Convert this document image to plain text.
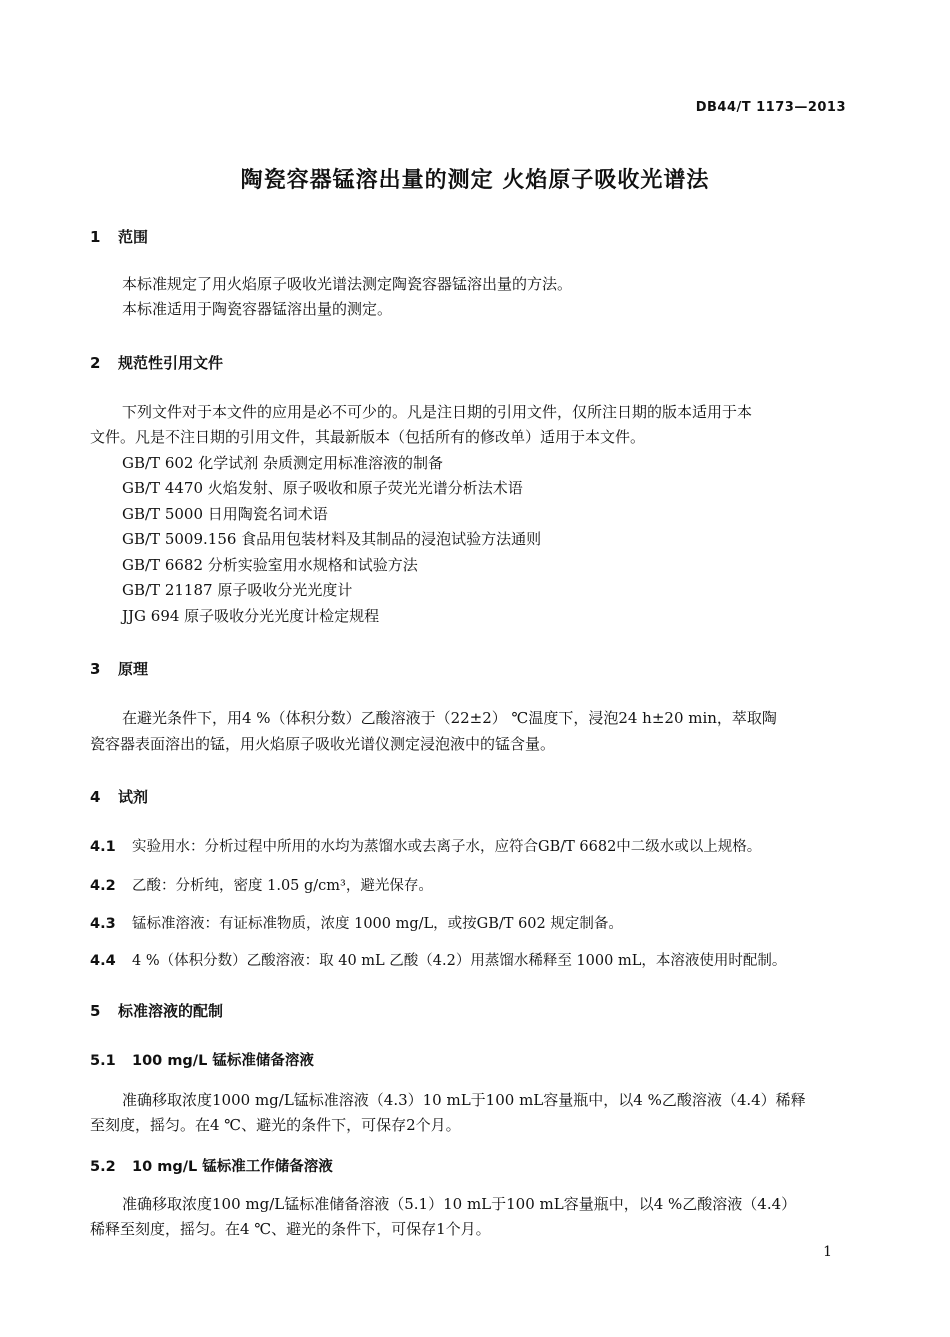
DB44/T 1173—2013
陶瓷容器锰溶出量的测定 火焰原子吸收光谱法
1 范围
本标准规定了用火焰原子吸收光谱法测定陶瓷容器锰溶出量的方法。
本标准适用于陶瓷容器锰溶出量的测定。
2 规范性引用文件
下列文件对于本文件的应用是必不可少的。凡是注日期的引用文件，仅所注日期的版本适用于本
文件。凡是不注日期的引用文件，其最新版本（包括所有的修改单）适用于本文件。
GB/T 602 化学试剂 杂质测定用标准溶液的制备
GB/T 4470 火焰发射、原子吸收和原子荧光光谱分析法术语
GB/T 5000 日用陶瓷名词术语
GB/T 5009.156 食品用包装材料及其制品的浸泡试验方法通则
GB/T 6682 分析实验室用水规格和试验方法
GB/T 21187 原子吸收分光光度计
JJG 694 原子吸收分光光度计检定规程
3 原理
在避光条件下，用4 %（体积分数）乙酸溶液于（22±2） ℃温度下，浸泡24 h±20 min，萃取陶
瓷容器表面溶出的锰，用火焰原子吸收光谱仪测定浸泡液中的锰含量。
4 试剂
4.1 实验用水：分析过程中所用的水均为蒸馏水或去离子水，应符合GB/T 6682中二级水或以上规格。
4.2 乙酸：分析纯，密度 1.05 g/cm³，避光保存。
4.3 锰标准溶液：有证标准物质，浓度 1000 mg/L，或按GB/T 602 规定制备。
4.4 4 %（体积分数）乙酸溶液：取 40 mL 乙酸（4.2）用蒸馏水稀释至 1000 mL，本溶液使用时配制。
5 标准溶液的配制
5.1 100 mg/L 锰标准储备溶液
准确移取浓度1000 mg/L锰标准溶液（4.3）10 mL于100 mL容量瓶中，以4 %乙酸溶液（4.4）稀释
至刻度，摇匀。在4 ℃、避光的条件下，可保存2个月。
5.2 10 mg/L 锰标准工作储备溶液
准确移取浓度100 mg/L锰标准储备溶液（5.1）10 mL于100 mL容量瓶中，以4 %乙酸溶液（4.4）
稀释至刻度，摇匀。在4 ℃、避光的条件下，可保存1个月。
1
